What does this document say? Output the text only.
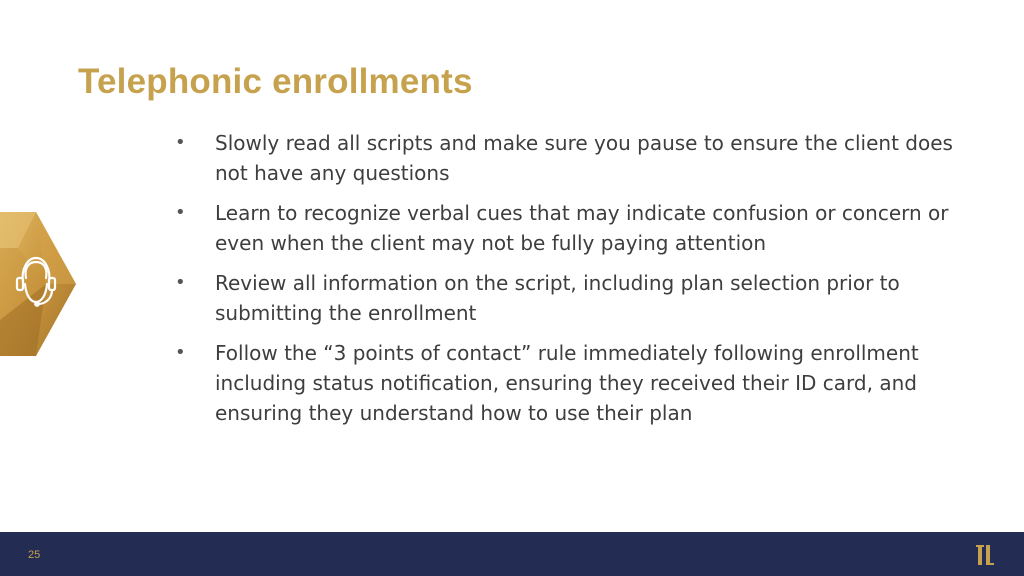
Telephonic enrollments
•	Slowly read all scripts and make sure you pause to ensure the client does not have any questions
•	Learn to recognize verbal cues that may indicate confusion or concern or even when the client may not be fully paying attention
•	Review all information on the script, including plan selection prior to submitting the enrollment
•	Follow the “3 points of contact” rule immediately following enrollment including status notification, ensuring they received their ID card, and ensuring they understand how to use their plan
25
